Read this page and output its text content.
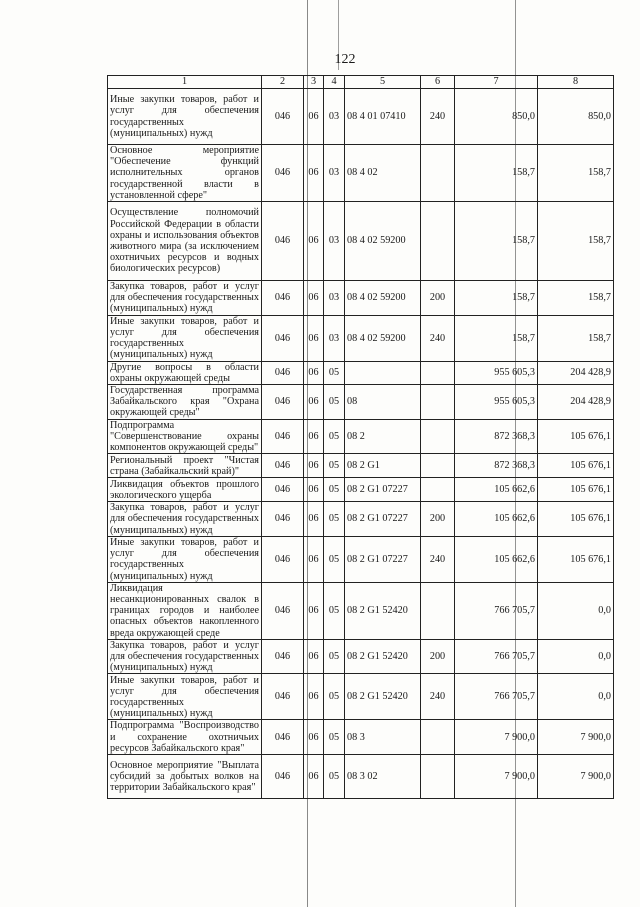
122
1	2	3	4	5	6	7	8
Иные закупки товаров, работ и услуг для обеспечения государственных (муниципальных) нужд	046	06	03	08 4 01 07410	240	850,0	850,0
Основное мероприятие "Обеспечение функций исполнительных органов государственной власти в установленной сфере"	046	06	03	08 4 02		158,7	158,7
Осуществление полномочий Российской Федерации в области охраны и использования объектов животного мира (за исключением охотничьих ресурсов и водных биологических ресурсов)	046	06	03	08 4 02 59200		158,7	158,7
Закупка товаров, работ и услуг для обеспечения государственных (муниципальных) нужд	046	06	03	08 4 02 59200	200	158,7	158,7
Иные закупки товаров, работ и услуг для обеспечения государственных (муниципальных) нужд	046	06	03	08 4 02 59200	240	158,7	158,7
Другие вопросы в области охраны окружающей среды	046	06	05			955 605,3	204 428,9
Государственная программа Забайкальского края "Охрана окружающей среды"	046	06	05	08		955 605,3	204 428,9
Подпрограмма "Совершенствование охраны компонентов окружающей среды"	046	06	05	08 2		872 368,3	105 676,1
Региональный проект "Чистая страна (Забайкальский край)"	046	06	05	08 2 G1		872 368,3	105 676,1
Ликвидация объектов прошлого экологического ущерба	046	06	05	08 2 G1 07227		105 662,6	105 676,1
Закупка товаров, работ и услуг для обеспечения государственных (муниципальных) нужд	046	06	05	08 2 G1 07227	200	105 662,6	105 676,1
Иные закупки товаров, работ и услуг для обеспечения государственных (муниципальных) нужд	046	06	05	08 2 G1 07227	240	105 662,6	105 676,1
Ликвидация несанкционированных свалок в границах городов и наиболее опасных объектов накопленного вреда окружающей среде	046	06	05	08 2 G1 52420		766 705,7	0,0
Закупка товаров, работ и услуг для обеспечения государственных (муниципальных) нужд	046	06	05	08 2 G1 52420	200	766 705,7	0,0
Иные закупки товаров, работ и услуг для обеспечения государственных (муниципальных) нужд	046	06	05	08 2 G1 52420	240	766 705,7	0,0
Подпрограмма "Воспроизводство и сохранение охотничьих ресурсов Забайкальского края"	046	06	05	08 3		7 900,0	7 900,0
Основное мероприятие "Выплата субсидий за добытых волков на территории Забайкальского края"	046	06	05	08 3 02		7 900,0	7 900,0
